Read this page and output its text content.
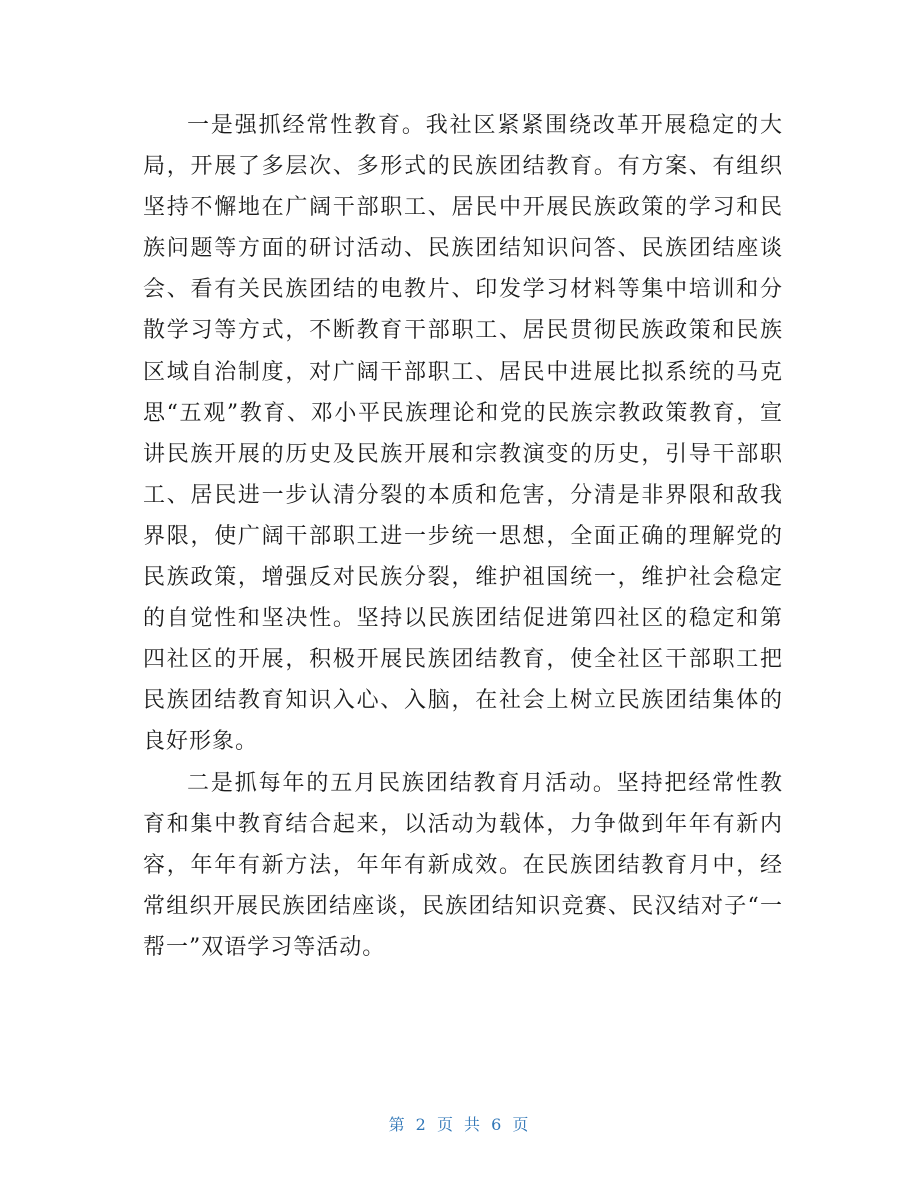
一是强抓经常性教育。我社区紧紧围绕改革开展稳定的大局，开展了多层次、多形式的民族团结教育。有方案、有组织坚持不懈地在广阔干部职工、居民中开展民族政策的学习和民族问题等方面的研讨活动、民族团结知识问答、民族团结座谈会、看有关民族团结的电教片、印发学习材料等集中培训和分散学习等方式，不断教育干部职工、居民贯彻民族政策和民族区域自治制度，对广阔干部职工、居民中进展比拟系统的马克思“五观”教育、邓小平民族理论和党的民族宗教政策教育，宣讲民族开展的历史及民族开展和宗教演变的历史，引导干部职工、居民进一步认清分裂的本质和危害，分清是非界限和敌我界限，使广阔干部职工进一步统一思想，全面正确的理解党的民族政策，增强反对民族分裂，维护祖国统一，维护社会稳定的自觉性和坚决性。坚持以民族团结促进第四社区的稳定和第四社区的开展，积极开展民族团结教育，使全社区干部职工把民族团结教育知识入心、入脑，在社会上树立民族团结集体的良好形象。

二是抓每年的五月民族团结教育月活动。坚持把经常性教育和集中教育结合起来，以活动为载体，力争做到年年有新内容，年年有新方法，年年有新成效。在民族团结教育月中，经常组织开展民族团结座谈，民族团结知识竞赛、民汉结对子“一帮一”双语学习等活动。

第 2 页 共 6 页
